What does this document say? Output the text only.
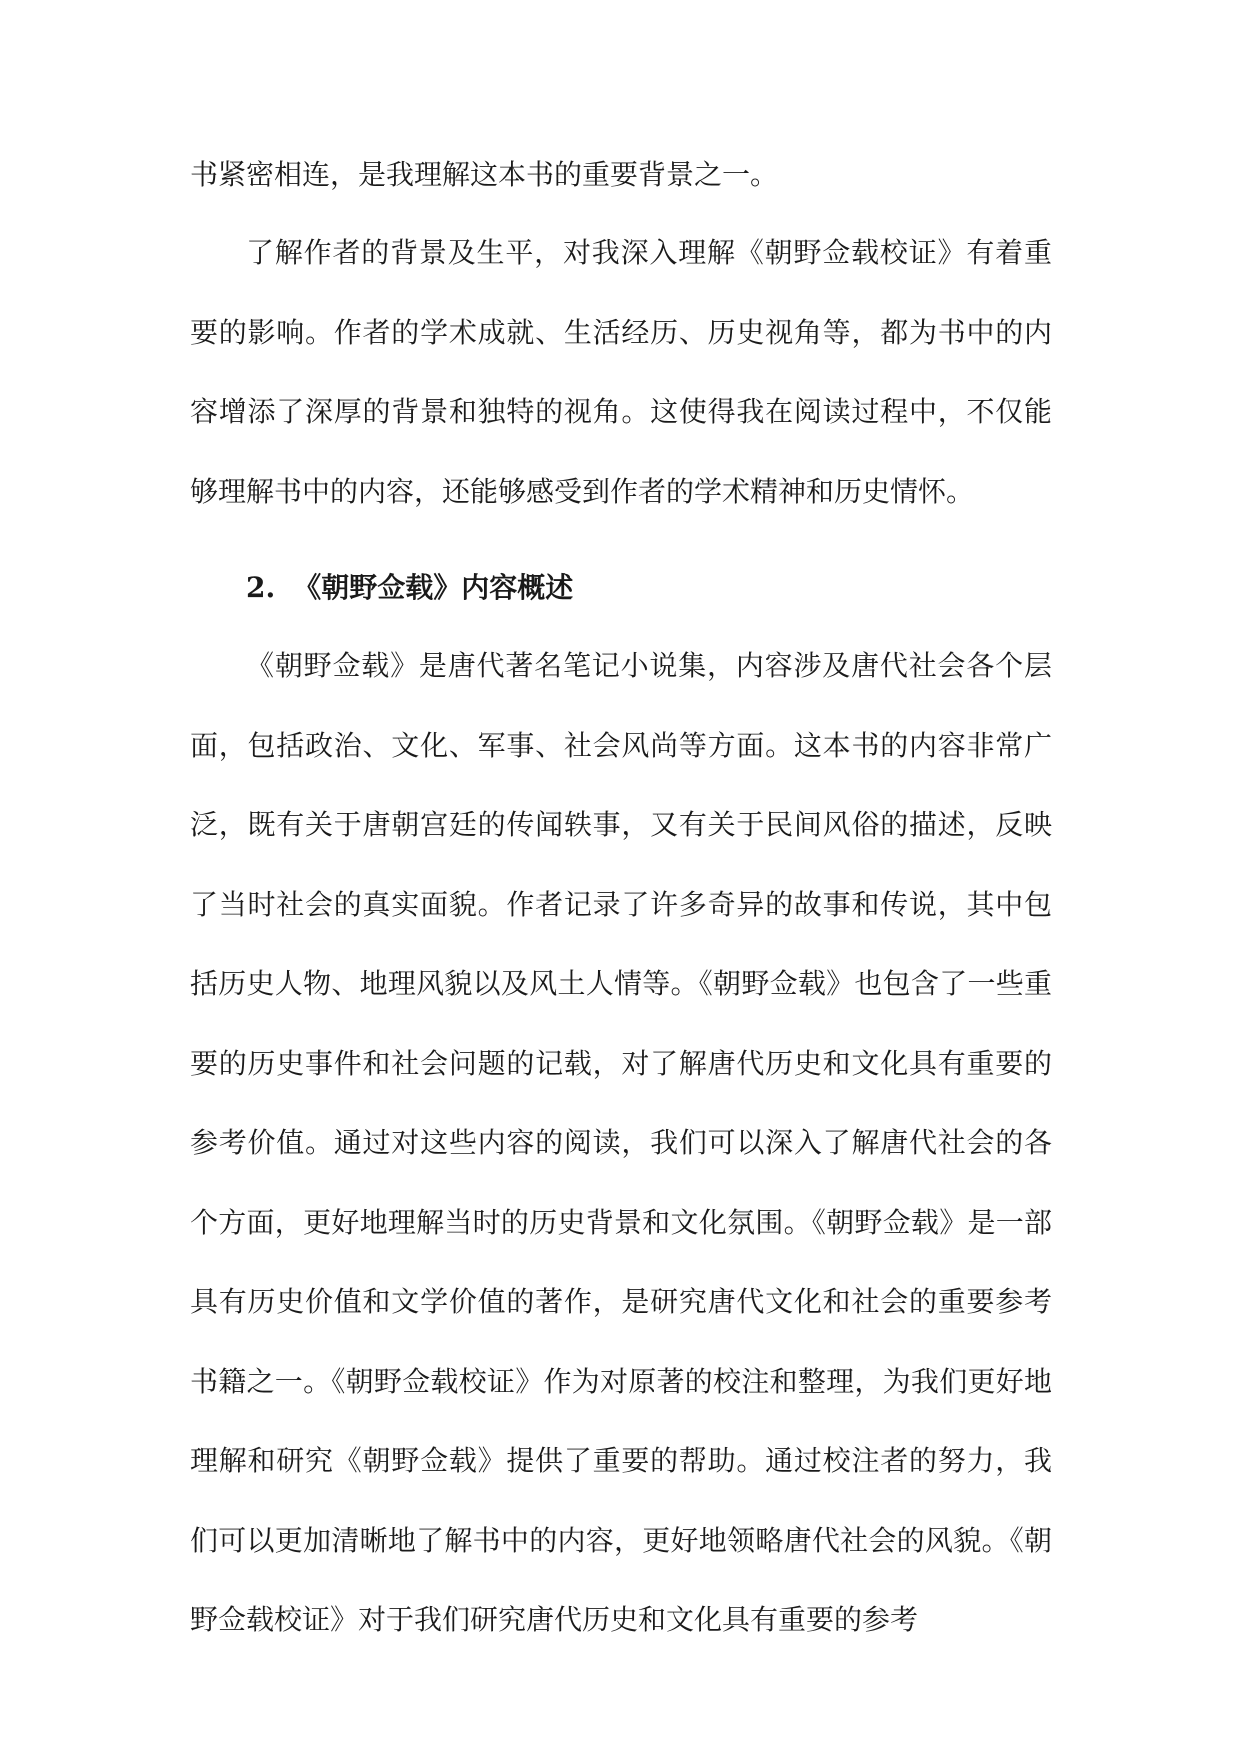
书紧密相连，是我理解这本书的重要背景之一。

了解作者的背景及生平，对我深入理解《朝野佥载校证》有着重要的影响。作者的学术成就、生活经历、历史视角等，都为书中的内容增添了深厚的背景和独特的视角。这使得我在阅读过程中，不仅能够理解书中的内容，还能够感受到作者的学术精神和历史情怀。

2. 《朝野佥载》内容概述

《朝野佥载》是唐代著名笔记小说集，内容涉及唐代社会各个层面，包括政治、文化、军事、社会风尚等方面。这本书的内容非常广泛，既有关于唐朝宫廷的传闻轶事，又有关于民间风俗的描述，反映了当时社会的真实面貌。作者记录了许多奇异的故事和传说，其中包括历史人物、地理风貌以及风土人情等。《朝野佥载》也包含了一些重要的历史事件和社会问题的记载，对了解唐代历史和文化具有重要的参考价值。通过对这些内容的阅读，我们可以深入了解唐代社会的各个方面，更好地理解当时的历史背景和文化氛围。《朝野佥载》是一部具有历史价值和文学价值的著作，是研究唐代文化和社会的重要参考书籍之一。《朝野佥载校证》作为对原著的校注和整理，为我们更好地理解和研究《朝野佥载》提供了重要的帮助。通过校注者的努力，我们可以更加清晰地了解书中的内容，更好地领略唐代社会的风貌。《朝野佥载校证》对于我们研究唐代历史和文化具有重要的参考
